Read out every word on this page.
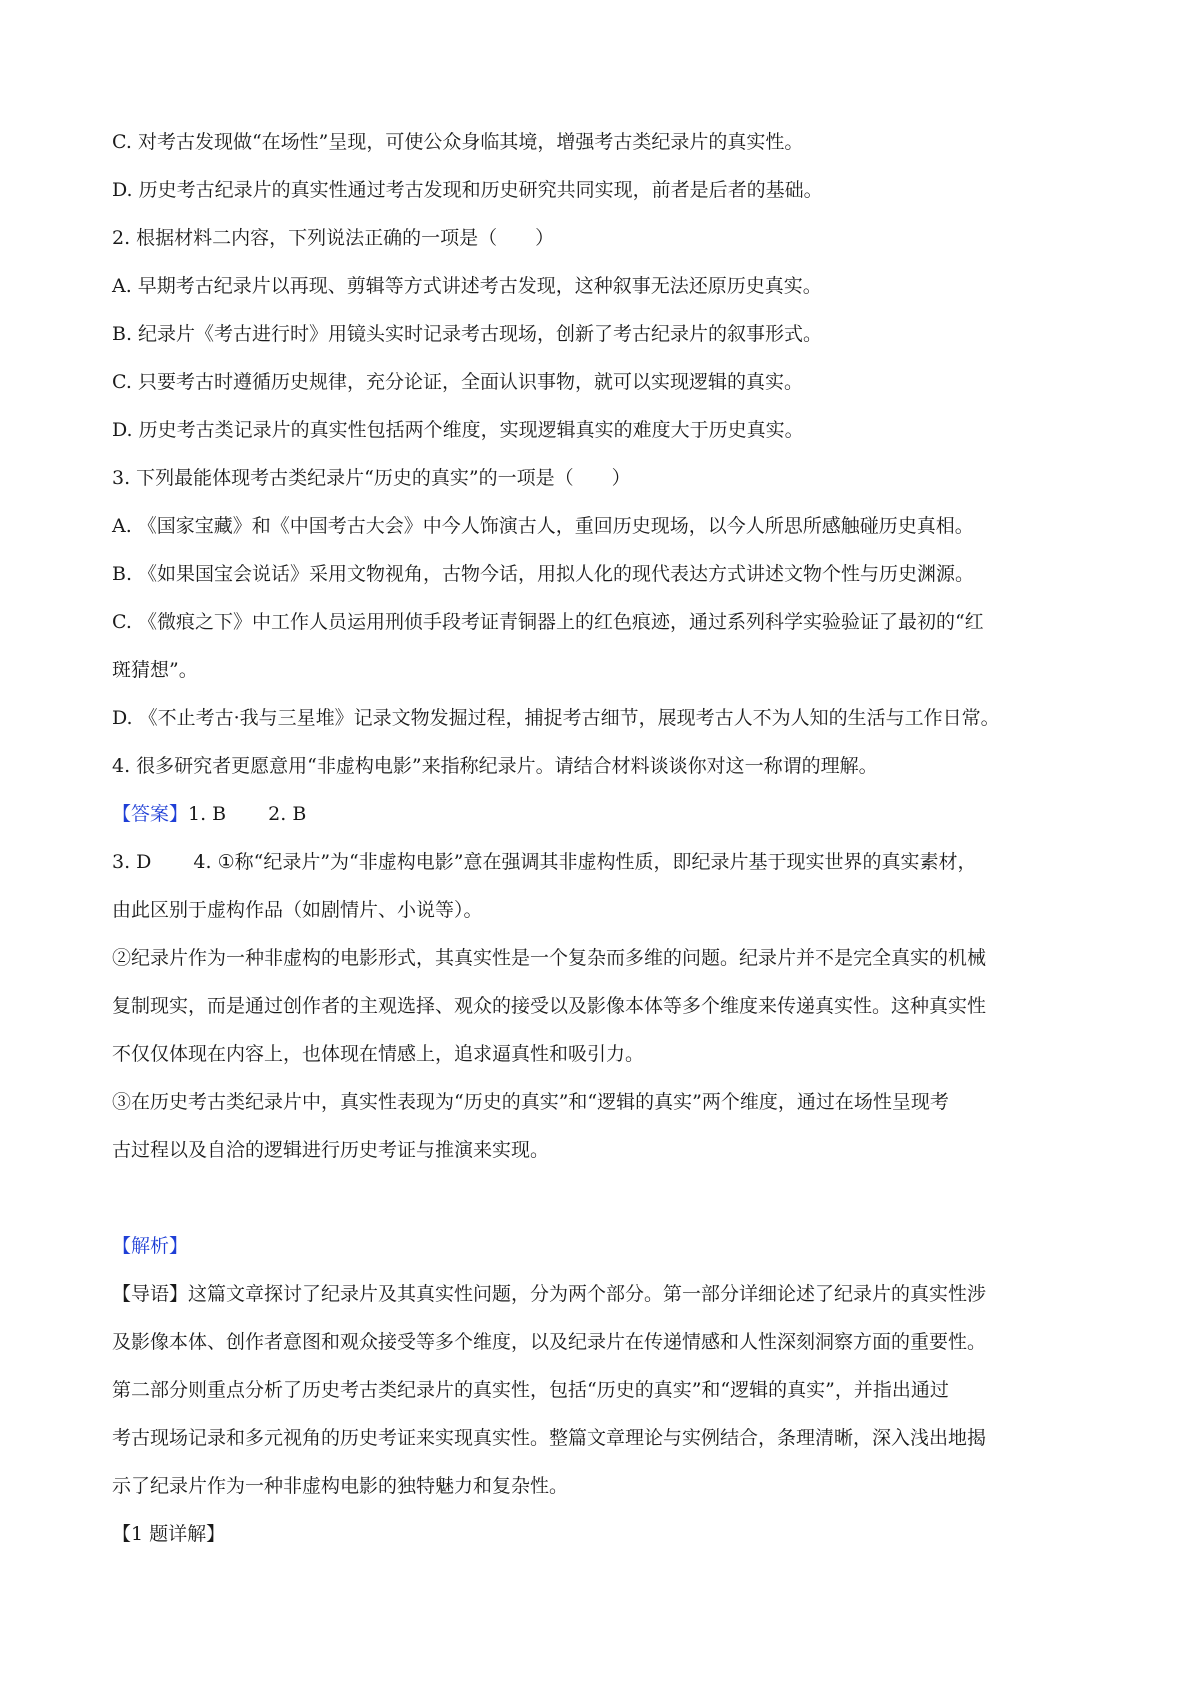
C. 对考古发现做“在场性”呈现，可使公众身临其境，增强考古类纪录片的真实性。
D. 历史考古纪录片的真实性通过考古发现和历史研究共同实现，前者是后者的基础。
2. 根据材料二内容，下列说法正确的一项是（　　）
A. 早期考古纪录片以再现、剪辑等方式讲述考古发现，这种叙事无法还原历史真实。
B. 纪录片《考古进行时》用镜头实时记录考古现场，创新了考古纪录片的叙事形式。
C. 只要考古时遵循历史规律，充分论证，全面认识事物，就可以实现逻辑的真实。
D. 历史考古类记录片的真实性包括两个维度，实现逻辑真实的难度大于历史真实。
3. 下列最能体现考古类纪录片“历史的真实”的一项是（　　）
A. 《国家宝藏》和《中国考古大会》中今人饰演古人，重回历史现场，以今人所思所感触碰历史真相。
B. 《如果国宝会说话》采用文物视角，古物今话，用拟人化的现代表达方式讲述文物个性与历史渊源。
C. 《微痕之下》中工作人员运用刑侦手段考证青铜器上的红色痕迹，通过系列科学实验验证了最初的“红
斑猜想”。
D. 《不止考古·我与三星堆》记录文物发掘过程，捕捉考古细节，展现考古人不为人知的生活与工作日常。
4. 很多研究者更愿意用“非虚构电影”来指称纪录片。请结合材料谈谈你对这一称谓的理解。
【答案】1. B 2. B
3. D 4. ①称“纪录片”为“非虚构电影”意在强调其非虚构性质，即纪录片基于现实世界的真实素材，
由此区别于虚构作品（如剧情片、小说等）。
②纪录片作为一种非虚构的电影形式，其真实性是一个复杂而多维的问题。纪录片并不是完全真实的机械
复制现实，而是通过创作者的主观选择、观众的接受以及影像本体等多个维度来传递真实性。这种真实性
不仅仅体现在内容上，也体现在情感上，追求逼真性和吸引力。
③在历史考古类纪录片中，真实性表现为“历史的真实”和“逻辑的真实”两个维度，通过在场性呈现考
古过程以及自洽的逻辑进行历史考证与推演来实现。
【解析】
【导语】这篇文章探讨了纪录片及其真实性问题，分为两个部分。第一部分详细论述了纪录片的真实性涉
及影像本体、创作者意图和观众接受等多个维度，以及纪录片在传递情感和人性深刻洞察方面的重要性。
第二部分则重点分析了历史考古类纪录片的真实性，包括“历史的真实”和“逻辑的真实”，并指出通过
考古现场记录和多元视角的历史考证来实现真实性。整篇文章理论与实例结合，条理清晰，深入浅出地揭
示了纪录片作为一种非虚构电影的独特魅力和复杂性。
【1 题详解】
